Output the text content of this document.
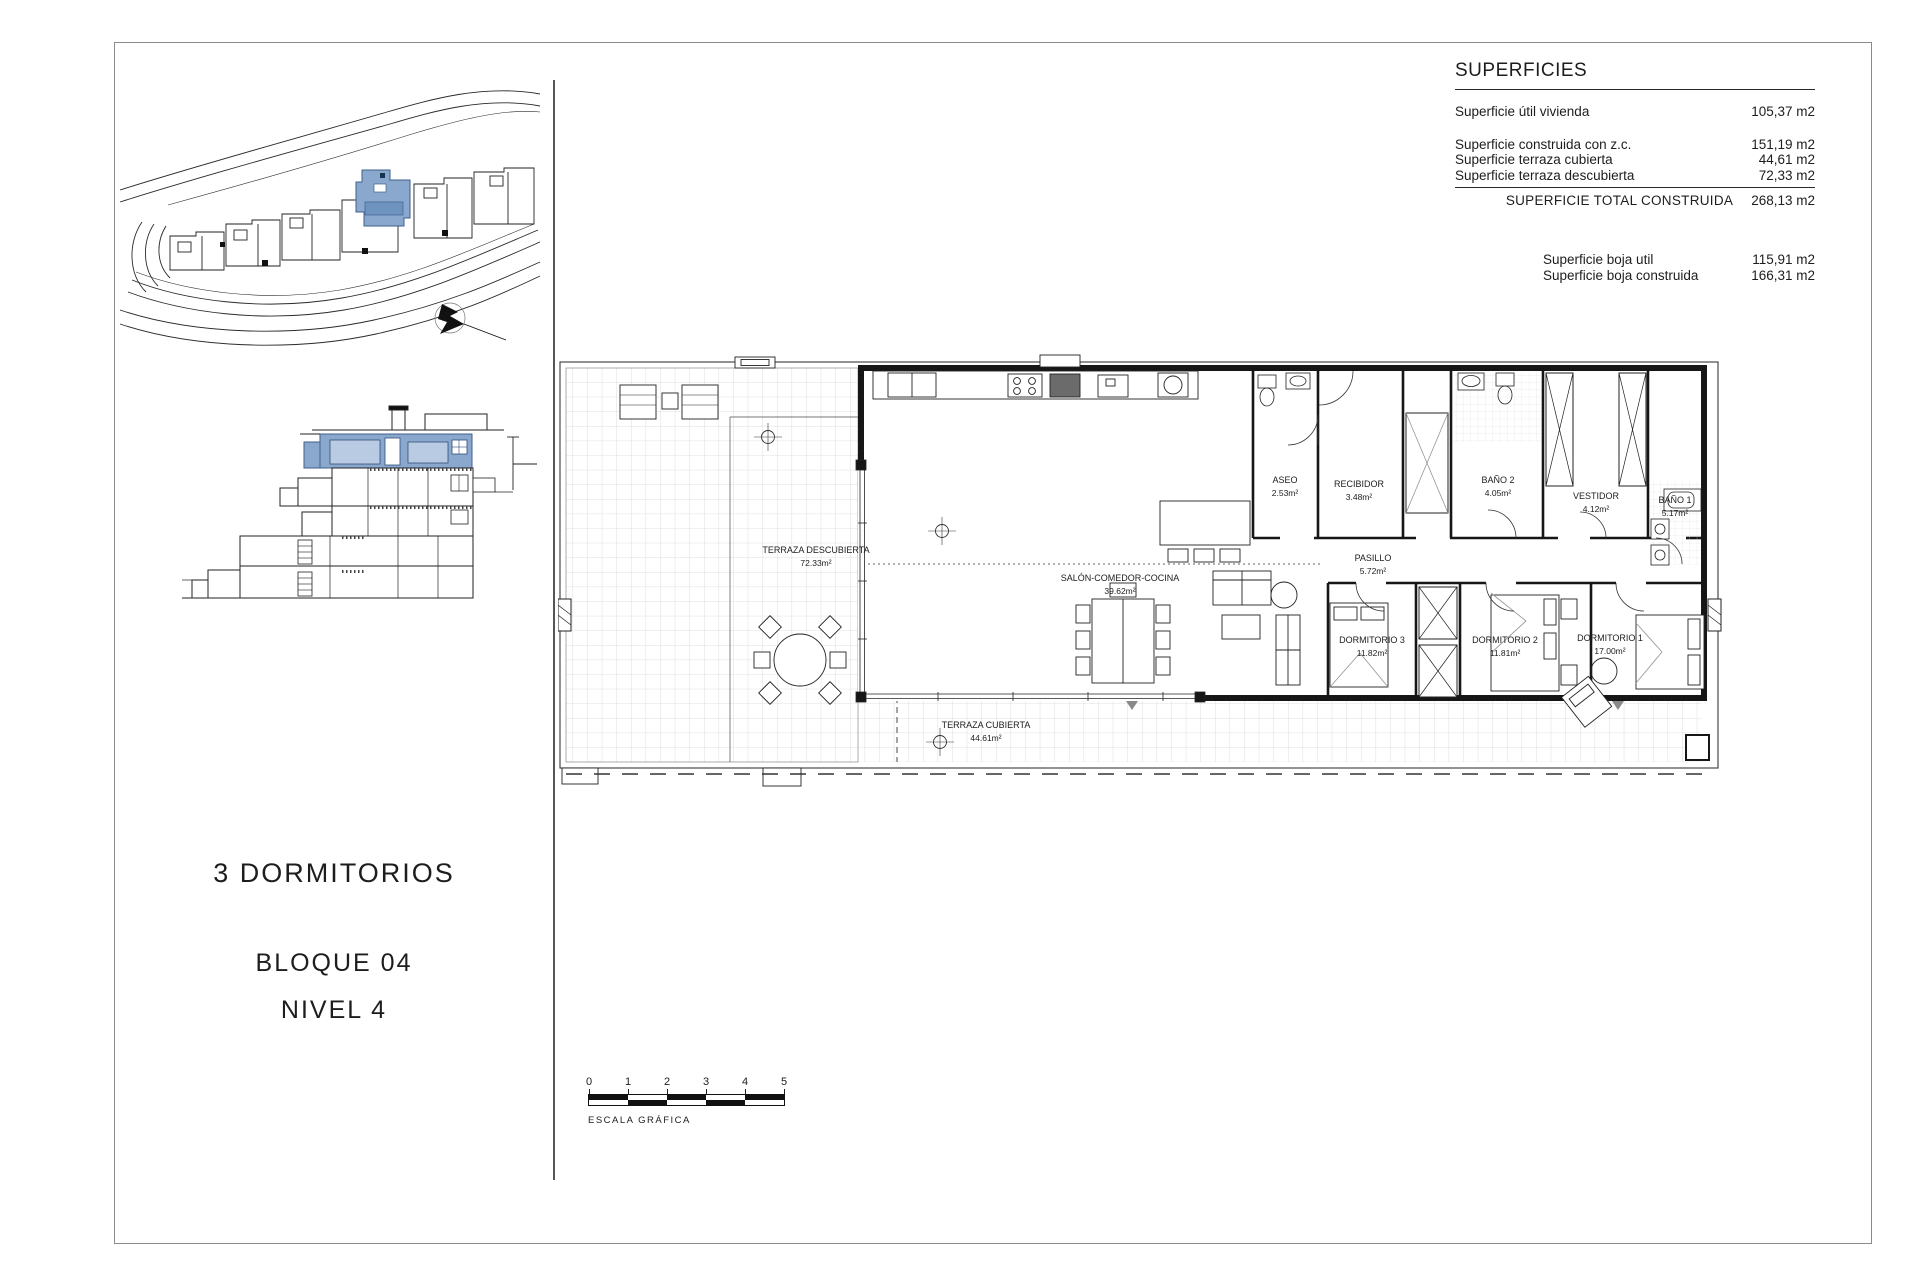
3 DORMITORIOS
BLOQUE 04
NIVEL 4
SUPERFICIES
Superficie útil vivienda	105,37 m2
Superficie construida con z.c.	151,19 m2
Superficie terraza cubierta	44,61 m2
Superficie terraza descubierta	72,33 m2
SUPERFICIE TOTAL CONSTRUIDA 268,13 m2
Superficie boja util	115,91 m2
Superficie boja construida	166,31 m2
TERRAZA DESCUBIERTA
72.33m²
TERRAZA CUBIERTA
44.61m²
SALÓN-COMEDOR-COCINA
39.62m²
ASEO
2.53m²
RECIBIDOR
3.48m²
PASILLO
5.72m²
BAÑO 2
4.05m²	VESTIDOR
4.12m²
BAÑO 1
5.17m²
DORMITORIO 3
11.82m²
DORMITORIO 2
11.81m²
DORMITORIO 1
17.00m²
0	1	2	3	4	5
ESCALA GRÁFICA
